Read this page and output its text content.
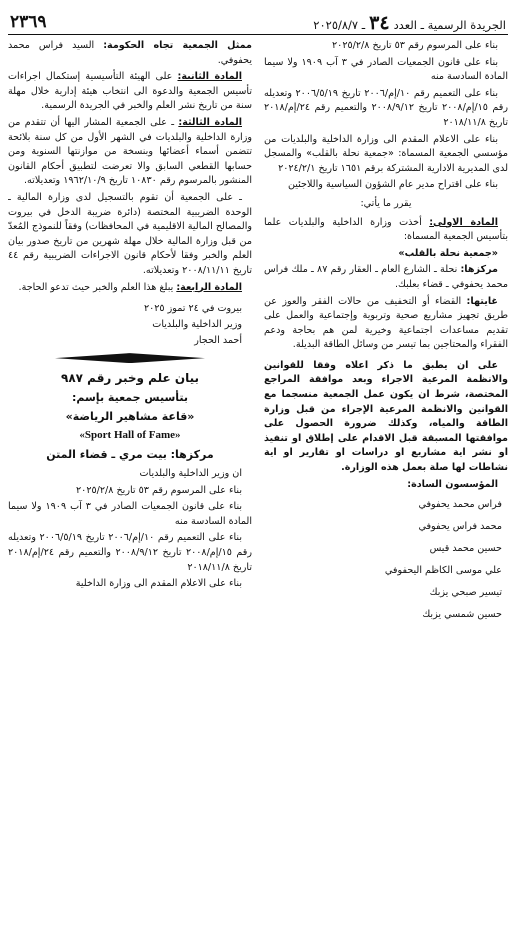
الجريدة الرسمية ـ العدد
٣٤
ـ ٢٠٢٥/٨/٧
٢٣٦٩

بناء على المرسوم رقم ٥٣ تاريخ ٢٠٢٥/٢/٨

بناء على قانون الجمعيات الصادر في ٣ آب ١٩٠٩ ولا سيما المادة السادسة منه

بناء على التعميم رقم ١٠/إم/٢٠٠٦ تاريخ ٢٠٠٦/٥/١٩ وتعديله رقم ١٥/إم/٢٠٠٨ تاريخ ٢٠٠٨/٩/١٢ والتعميم رقم ٢٤/إم/٢٠١٨ تاريخ ٢٠١٨/١١/٨

بناء على الاعلام المقدم الى وزارة الداخلية والبلديات من مؤسسي الجمعية المسماة: «جمعية نحلة بالقلب» والمسجل لدى المديرية الادارية المشتركة برقم ١٦٥١ تاريخ ٢٠٢٤/٢/١

بناء على اقتراح مدير عام الشؤون السياسية واللاجئين

يقرر ما يأتي:

المادة الاولى: أخذت وزارة الداخلية والبلديات علما بتأسيس الجمعية المسماة:

«جمعية نحلة بالقلب»

مركزها: نحلة ـ الشارع العام ـ العقار رقم ٨٧ ـ ملك فراس محمد يحفوفي ـ قضاء بعلبك.

غايتها: القضاء أو التخفيف من حالات الفقر والعوز عن طريق تجهيز مشاريع صحية وتربوية وإجتماعية والعمل على تقديم مساعدات اجتماعية وخيرية لمن هم بحاجة ودعم الفقراء والمحتاجين بما تيسر من وسائل الطاقة البديلة.

على ان يطبق ما ذكر اعلاه وفقا للقوانين والانظمة المرعية الاجراء وبعد موافقة المراجع المختصة، شرط ان يكون عمل الجمعية منسجما مع القوانين والانظمة المرعية الإجراء من قبل وزارة الطاقة والمياه، وكذلك ضرورة الحصول على موافقتها المسبقة قبل الاقدام على إطلاق او تنفيذ او نشر اية مشاريع او دراسات او تقارير او اية نشاطات لها صلة بعمل هذه الوزارة.

المؤسسون السادة:

فراس محمد يحفوفي
محمد فراس يحفوفي
حسين محمد قيس
علي موسى الكاظم اليحفوفي
تيسير صبحي يزبك
حسين شمسي يزبك

ممثل الجمعية تجاه الحكومة: السيد فراس محمد يحفوفي.

المادة الثانية: على الهيئة التأسيسية إستكمال اجراءات تأسيس الجمعية والدعوة الى انتخاب هيئة إدارية خلال مهلة سنة من تاريخ نشر العلم والخبر في الجريدة الرسمية.

المادة الثالثة: ـ على الجمعية المشار اليها أن تتقدم من وزارة الداخلية والبلديات في الشهر الأول من كل سنة بلائحة تتضمن أسماء أعضائها وبنسخة من موازنتها السنوية ومن حسابها القطعي السابق والا تعرضت لتطبيق أحكام القانون المنشور بالمرسوم رقم ١٠٨٣٠ تاريخ ١٩٦٢/١٠/٩ وتعديلاته.

ـ على الجمعية أن تقوم بالتسجيل لدى وزارة المالية ـ الوحدة الضريبية المختصة (دائرة ضريبة الدخل في بيروت والمصالح المالية الاقليمية في المحافظات) وفقاً للنموذج المُعدّ من قبل وزارة المالية خلال مهلة شهرين من تاريخ صدور بيان العلم والخبر وفقا لأحكام قانون الاجراءات الضريبية رقم ٤٤ تاريخ ٢٠٠٨/١١/١١ وتعديلاته.

المادة الرابعة: يبلغ هذا العلم والخبر حيث تدعو الحاجة.

بيروت في ٢٤ تموز ٢٠٢٥

وزير الداخلية والبلديات

أحمد الحجار

بيان علم وخبر رقم ٩٨٧

بتأسيس جمعية بإسم:

«قاعة مشاهير الرياضة»

«Sport Hall of Fame»

مركزها: بيت مري ـ قضاء المتن

ان وزير الداخلية والبلديات

بناء على المرسوم رقم ٥٣ تاريخ ٢٠٢٥/٢/٨

بناء على قانون الجمعيات الصادر في ٣ آب ١٩٠٩ ولا سيما المادة السادسة منه

بناء على التعميم رقم ١٠/إم/٢٠٠٦ تاريخ ٢٠٠٦/٥/١٩ وتعديله رقم ١٥/إم/٢٠٠٨ تاريخ ٢٠٠٨/٩/١٢ والتعميم رقم ٢٤/إم/٢٠١٨ تاريخ ٢٠١٨/١١/٨

بناء على الاعلام المقدم الى وزارة الداخلية
